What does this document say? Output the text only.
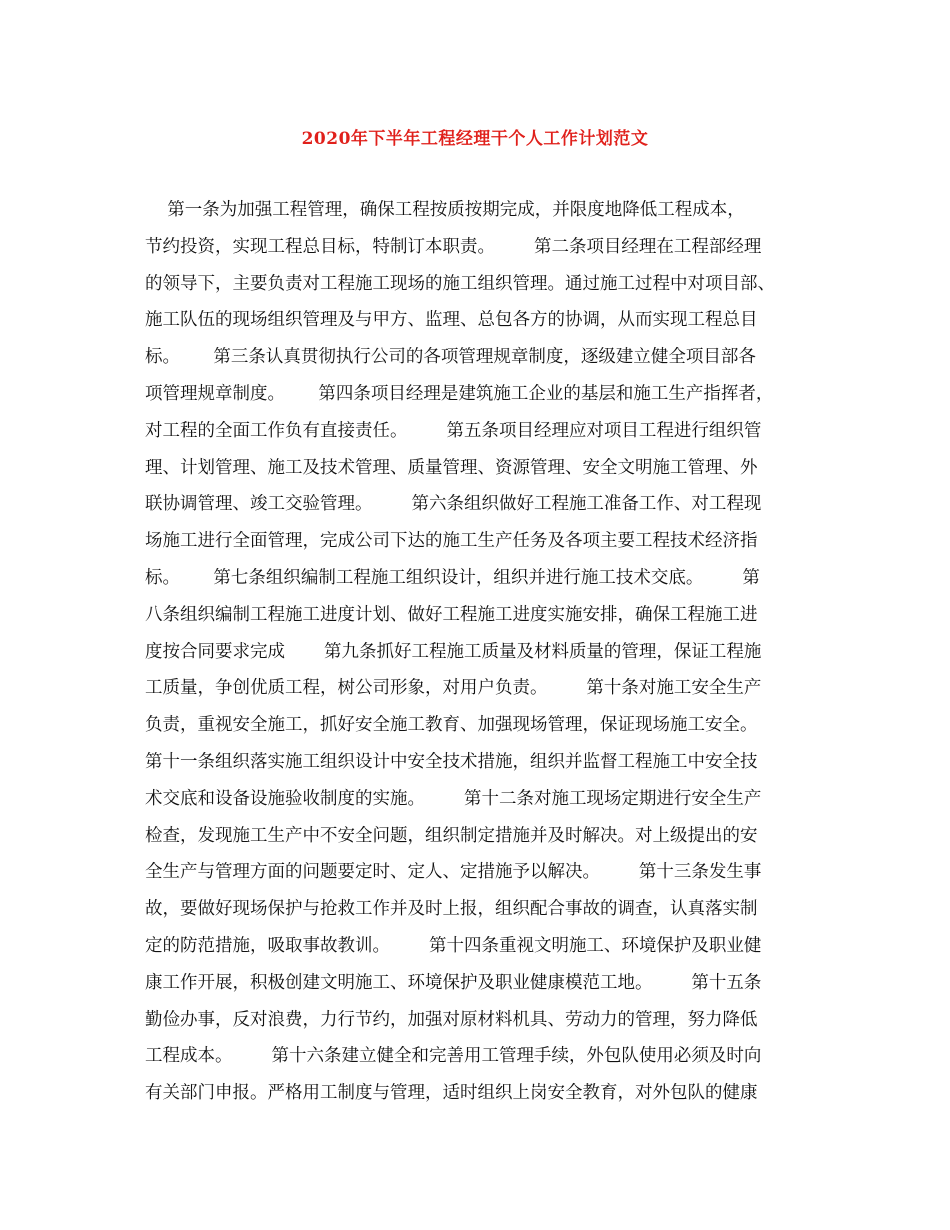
2020年下半年工程经理干个人工作计划范文
第一条为加强工程管理，确保工程按质按期完成，并限度地降低工程成本，
节约投资，实现工程总目标，特制订本职责。       第二条项目经理在工程部经理
的领导下，主要负责对工程施工现场的施工组织管理。通过施工过程中对项目部、
施工队伍的现场组织管理及与甲方、监理、总包各方的协调，从而实现工程总目
标。      第三条认真贯彻执行公司的各项管理规章制度，逐级建立健全项目部各
项管理规章制度。      第四条项目经理是建筑施工企业的基层和施工生产指挥者，
对工程的全面工作负有直接责任。       第五条项目经理应对项目工程进行组织管
理、计划管理、施工及技术管理、质量管理、资源管理、安全文明施工管理、外
联协调管理、竣工交验管理。       第六条组织做好工程施工准备工作、对工程现
场施工进行全面管理，完成公司下达的施工生产任务及各项主要工程技术经济指
标。      第七条组织编制工程施工组织设计，组织并进行施工技术交底。       第
八条组织编制工程施工进度计划、做好工程施工进度实施安排，确保工程施工进
度按合同要求完成       第九条抓好工程施工质量及材料质量的管理，保证工程施
工质量，争创优质工程，树公司形象，对用户负责。       第十条对施工安全生产
负责，重视安全施工，抓好安全施工教育、加强现场管理，保证现场施工安全。
第十一条组织落实施工组织设计中安全技术措施，组织并监督工程施工中安全技
术交底和设备设施验收制度的实施。       第十二条对施工现场定期进行安全生产
检查，发现施工生产中不安全问题，组织制定措施并及时解决。对上级提出的安
全生产与管理方面的问题要定时、定人、定措施予以解决。       第十三条发生事
故，要做好现场保护与抢救工作并及时上报，组织配合事故的调查，认真落实制
定的防范措施，吸取事故教训。       第十四条重视文明施工、环境保护及职业健
康工作开展，积极创建文明施工、环境保护及职业健康模范工地。       第十五条
勤俭办事，反对浪费，力行节约，加强对原材料机具、劳动力的管理，努力降低
工程成本。       第十六条建立健全和完善用工管理手续，外包队使用必须及时向
有关部门申报。严格用工制度与管理，适时组织上岗安全教育，对外包队的健康
